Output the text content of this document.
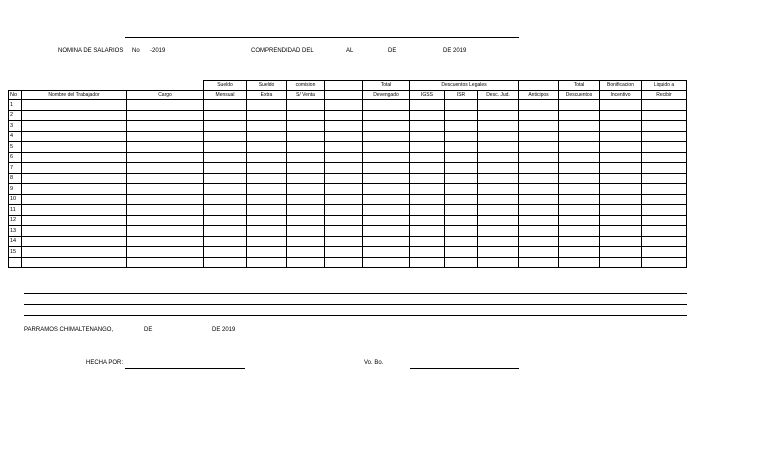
NOMINA DE SALARIOS No -2019	COMPRENDIDAD DEL	AL	DE	DE 2019
			Sueldo	Sueldo	comision		Total	Descuentos Legales				Total	Bonificacion	Liquido a
No	Nombre del Trabajador	Cargo	Mensual	Extra	S/ Venta		Devengado	IGSS	ISR	Desc. Jud.	Anticipos	Descuentos	Incentivo	Recibir
1														
2														
3														
4														
5														
6														
7														
8														
9														
10														
11														
12														
13														
14														
15														

PARRAMOS CHIMALTENANGO,	DE	DE 2019
HECHA POR:	Vo. Bo.
